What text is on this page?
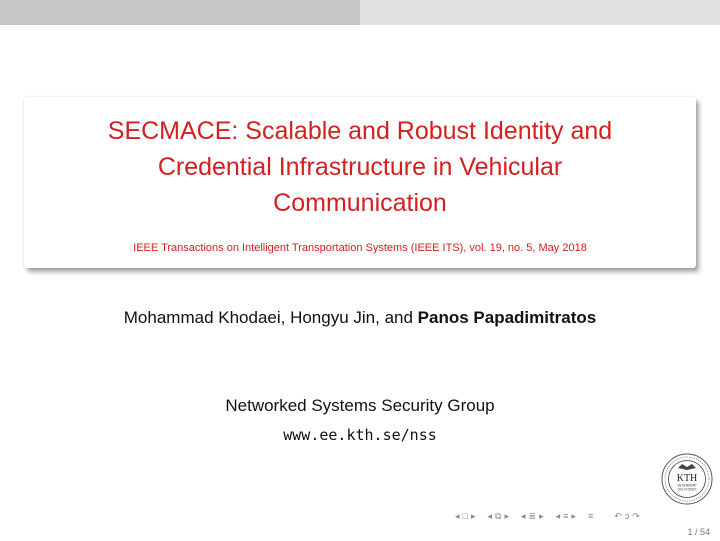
SECMACE: Scalable and Robust Identity and
Credential Infrastructure in Vehicular
Communication
IEEE Transactions on Intelligent Transportation Systems (IEEE ITS), vol. 19, no. 5, May 2018
Mohammad Khodaei, Hongyu Jin, and Panos Papadimitratos
Networked Systems Security Group
www.ee.kth.se/nss
KTH
VETENSKAP
OCH KONST
◂ □ ▸ ◂ ⧉ ▸ ◂ ≣ ▸ ◂ ≡ ▸ ≡ ↶ ɔ ↷
1 / 54
